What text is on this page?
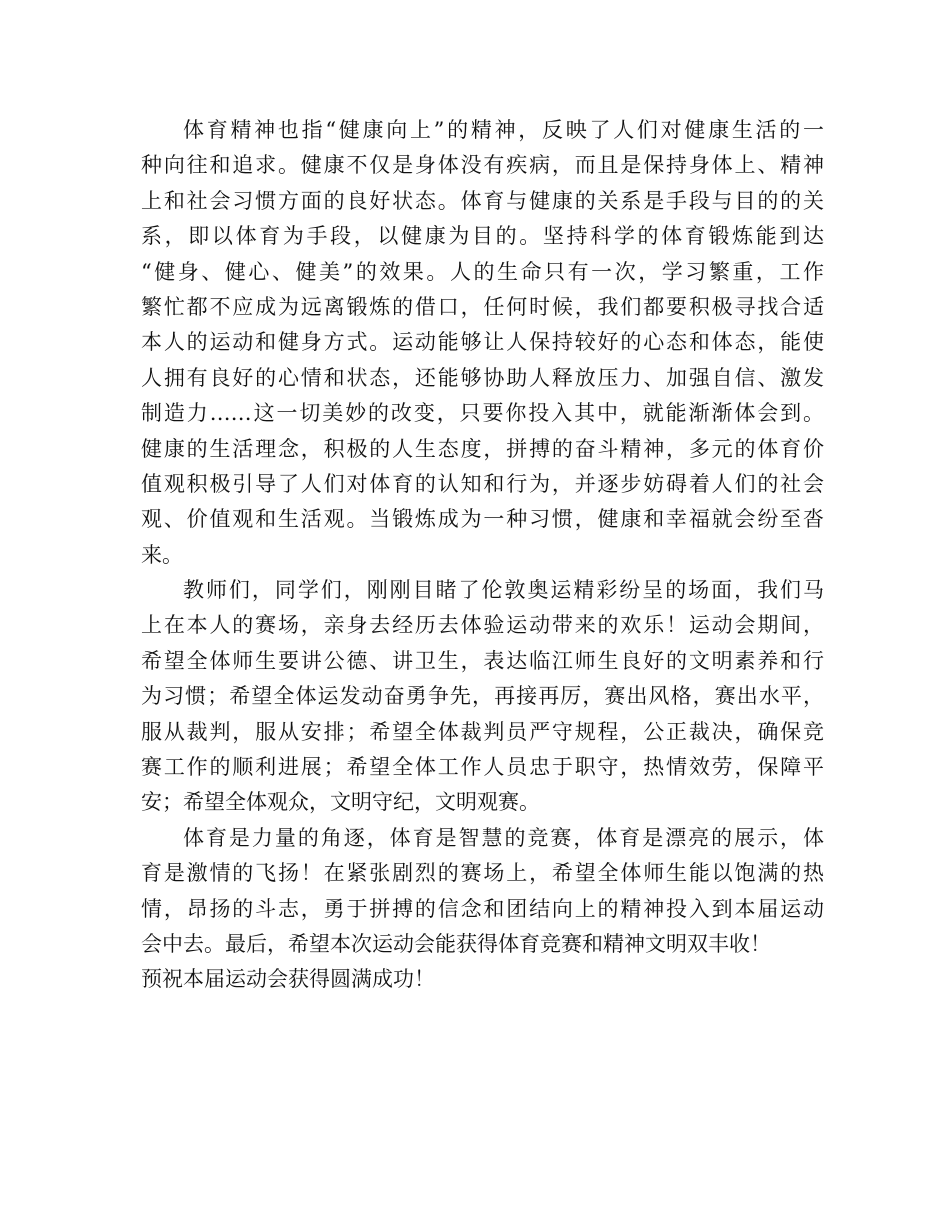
体育精神也指“健康向上”的精神，反映了人们对健康生活的一
种向往和追求。健康不仅是身体没有疾病，而且是保持身体上、精神
上和社会习惯方面的良好状态。体育与健康的关系是手段与目的的关
系，即以体育为手段，以健康为目的。坚持科学的体育锻炼能到达
“健身、健心、健美”的效果。人的生命只有一次，学习繁重，工作
繁忙都不应成为远离锻炼的借口，任何时候，我们都要积极寻找合适
本人的运动和健身方式。运动能够让人保持较好的心态和体态，能使
人拥有良好的心情和状态，还能够协助人释放压力、加强自信、激发
制造力……这一切美妙的改变，只要你投入其中，就能渐渐体会到。
健康的生活理念，积极的人生态度，拼搏的奋斗精神，多元的体育价
值观积极引导了人们对体育的认知和行为，并逐步妨碍着人们的社会
观、价值观和生活观。当锻炼成为一种习惯，健康和幸福就会纷至沓
来。
教师们，同学们，刚刚目睹了伦敦奥运精彩纷呈的场面，我们马
上在本人的赛场，亲身去经历去体验运动带来的欢乐！运动会期间，
希望全体师生要讲公德、讲卫生，表达临江师生良好的文明素养和行
为习惯；希望全体运发动奋勇争先，再接再厉，赛出风格，赛出水平，
服从裁判，服从安排；希望全体裁判员严守规程，公正裁决，确保竞
赛工作的顺利进展；希望全体工作人员忠于职守，热情效劳，保障平
安；希望全体观众，文明守纪，文明观赛。
体育是力量的角逐，体育是智慧的竞赛，体育是漂亮的展示，体
育是激情的飞扬！在紧张剧烈的赛场上，希望全体师生能以饱满的热
情，昂扬的斗志，勇于拼搏的信念和团结向上的精神投入到本届运动
会中去。最后，希望本次运动会能获得体育竞赛和精神文明双丰收！
预祝本届运动会获得圆满成功！
